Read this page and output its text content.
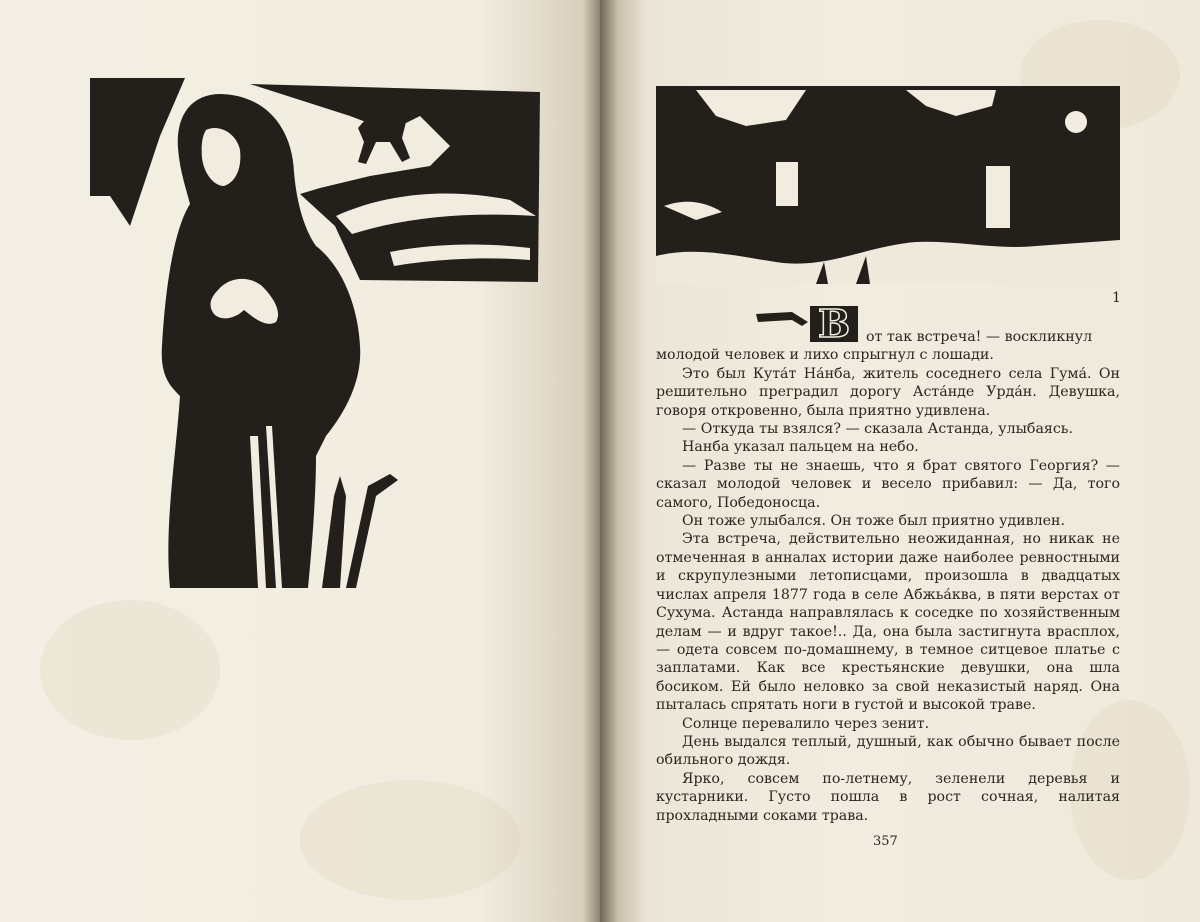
1
В	от так встреча! — воскликнул

молодой человек и лихо спрыгнул с лошади.

Это был Кута́т На́нба, житель соседнего села Гума́. Он решительно преградил дорогу Аста́нде Урда́н. Девушка, говоря откровенно, была приятно удивлена.

— Откуда ты взялся? — сказала Астанда, улыбаясь.

Нанба указал пальцем на небо.

— Разве ты не знаешь, что я брат святого Георгия? — сказал молодой человек и весело прибавил: — Да, того самого, Победоносца.

Он тоже улыбался. Он тоже был приятно удивлен.

Эта встреча, действительно неожиданная, но никак не отмеченная в анналах истории даже наиболее ревностными и скрупулезными летописцами, произошла в двадцатых числах апреля 1877 года в селе Абжьа́ква, в пяти верстах от Сухума. Астанда направлялась к соседке по хозяйственным делам — и вдруг такое!.. Да, она была застигнута врасплох, — одета совсем по-домашнему, в темное ситцевое платье с заплатами. Как все крестьянские девушки, она шла босиком. Ей было неловко за свой неказистый наряд. Она пыталась спрятать ноги в густой и высокой траве.

Солнце перевалило через зенит.

День выдался теплый, душный, как обычно бывает после обильного дождя.

Ярко, совсем по-летнему, зеленели деревья и кустарники. Густо пошла в рост сочная, налитая прохладными соками трава.

357
